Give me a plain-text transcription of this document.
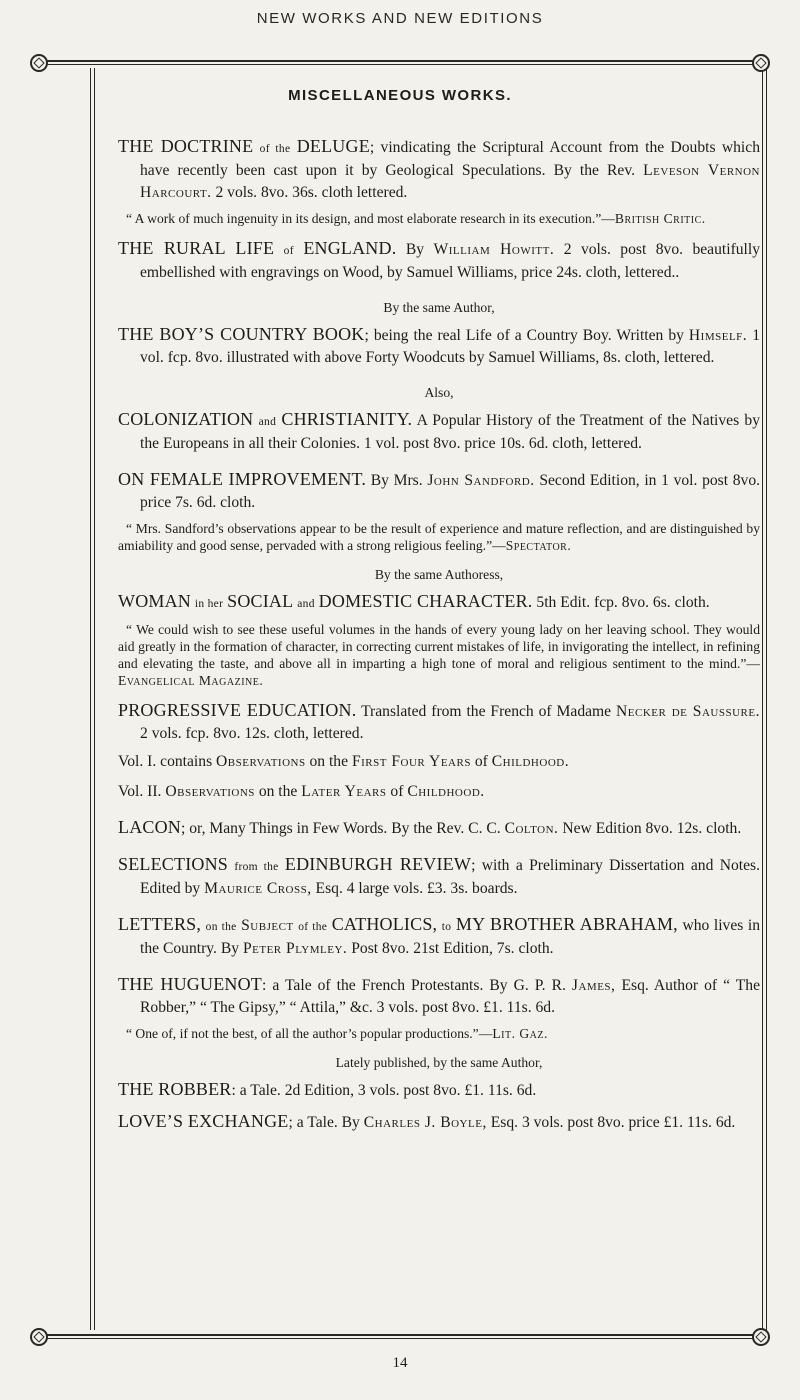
NEW WORKS AND NEW EDITIONS
MISCELLANEOUS WORKS.

THE DOCTRINE of the DELUGE; vindicating the Scriptural Account from the Doubts which have recently been cast upon it by Geological Speculations. By the Rev. Leveson Vernon Harcourt. 2 vols. 8vo. 36s. cloth lettered.

“ A work of much ingenuity in its design, and most elaborate research in its execution.”—British Critic.

THE RURAL LIFE of ENGLAND. By William Howitt. 2 vols. post 8vo. beautifully embellished with engravings on Wood, by Samuel Williams, price 24s. cloth, lettered..

By the same Author,

THE BOY’S COUNTRY BOOK; being the real Life of a Country Boy. Written by Himself. 1 vol. fcp. 8vo. illustrated with above Forty Woodcuts by Samuel Williams, 8s. cloth, lettered.

Also,

COLONIZATION and CHRISTIANITY. A Popular History of the Treatment of the Natives by the Europeans in all their Colonies. 1 vol. post 8vo. price 10s. 6d. cloth, lettered.

ON FEMALE IMPROVEMENT. By Mrs. John Sandford. Second Edition, in 1 vol. post 8vo. price 7s. 6d. cloth.

“ Mrs. Sandford’s observations appear to be the result of experience and mature reflection, and are distinguished by amiability and good sense, pervaded with a strong religious feeling.”—Spectator.

By the same Authoress,

WOMAN in her SOCIAL and DOMESTIC CHARACTER. 5th Edit. fcp. 8vo. 6s. cloth.

“ We could wish to see these useful volumes in the hands of every young lady on her leaving school. They would aid greatly in the formation of character, in correcting current mistakes of life, in invigorating the intellect, in refining and elevating the taste, and above all in imparting a high tone of moral and religious sentiment to the mind.”—Evangelical Magazine.

PROGRESSIVE EDUCATION. Translated from the French of Madame Necker de Saussure. 2 vols. fcp. 8vo. 12s. cloth, lettered.

Vol. I. contains Observations on the First Four Years of Childhood.

Vol. II. Observations on the Later Years of Childhood.

LACON; or, Many Things in Few Words. By the Rev. C. C. Colton. New Edition 8vo. 12s. cloth.

SELECTIONS from the EDINBURGH REVIEW; with a Preliminary Dissertation and Notes. Edited by Maurice Cross, Esq. 4 large vols. £3. 3s. boards.

LETTERS, on the Subject of the CATHOLICS, to MY BROTHER ABRAHAM, who lives in the Country. By Peter Plymley. Post 8vo. 21st Edition, 7s. cloth.

THE HUGUENOT: a Tale of the French Protestants. By G. P. R. James, Esq. Author of “ The Robber,” “ The Gipsy,” “ Attila,” &c. 3 vols. post 8vo. £1. 11s. 6d.

“ One of, if not the best, of all the author’s popular productions.”—Lit. Gaz.

Lately published, by the same Author,

THE ROBBER: a Tale. 2d Edition, 3 vols. post 8vo. £1. 11s. 6d.

LOVE’S EXCHANGE; a Tale. By Charles J. Boyle, Esq. 3 vols. post 8vo. price £1. 11s. 6d.

14
